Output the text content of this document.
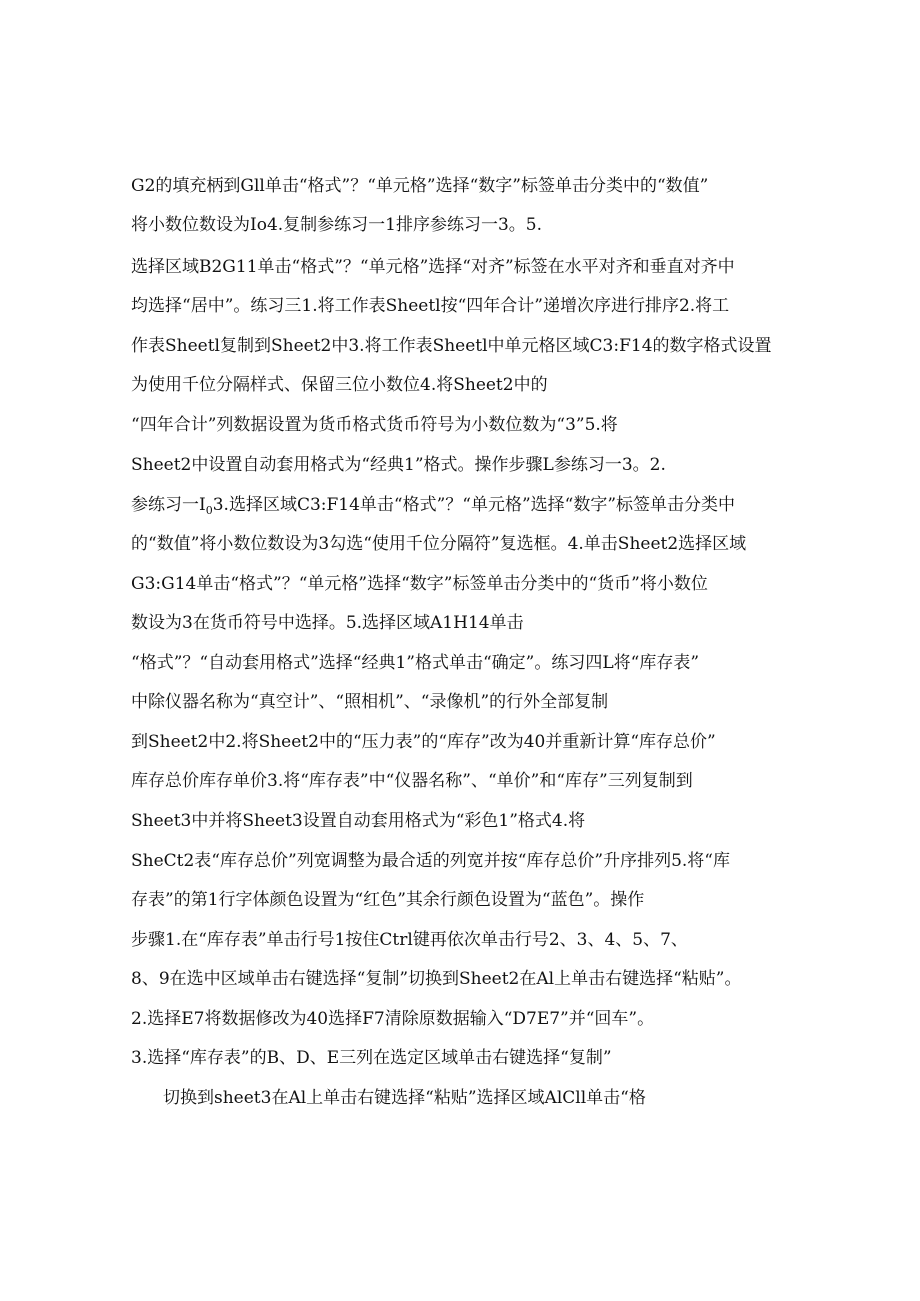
G2的填充柄到Gll单击“格式”？“单元格”选择“数字”标签单击分类中的“数值”
将小数位数设为Io4.复制参练习一1排序参练习一3。5.
选择区域B2G11单击“格式”？“单元格”选择“对齐”标签在水平对齐和垂直对齐中
均选择“居中”。练习三1.将工作表Sheetl按“四年合计”递增次序进行排序2.将工
作表Sheetl复制到Sheet2中3.将工作表Sheetl中单元格区域C3:F14的数字格式设置
为使用千位分隔样式、保留三位小数位4.将Sheet2中的
“四年合计”列数据设置为货币格式货币符号为小数位数为“3”5.将
Sheet2中设置自动套用格式为“经典1”格式。操作步骤L参练习一3。2.
参练习一$I_03$.选择区域C3:F14单击“格式”？“单元格”选择“数字”标签单击分类中
的“数值”将小数位数设为3勾选“使用千位分隔符”复选框。4.单击Sheet2选择区域
G3:G14单击“格式”？“单元格”选择“数字”标签单击分类中的“货币”将小数位
数设为3在货币符号中选择。5.选择区域A1H14单击
“格式”？“自动套用格式”选择“经典1”格式单击“确定”。练习四L将“库存表”
中除仪器名称为“真空计”、“照相机”、“录像机”的行外全部复制
到Sheet2中2.将Sheet2中的“压力表”的“库存”改为40并重新计算“库存总价”
库存总价库存单价3.将“库存表”中“仪器名称”、“单价”和“库存”三列复制到
Sheet3中并将Sheet3设置自动套用格式为“彩色1”格式4.将
SheCt2表“库存总价”列宽调整为最合适的列宽并按“库存总价”升序排列5.将“库
存表”的第1行字体颜色设置为“红色”其余行颜色设置为“蓝色”。操作
步骤1.在“库存表”单击行号1按住Ctrl键再依次单击行号2、3、4、5、7、
8、9在选中区域单击右键选择“复制”切换到Sheet2在Al上单击右键选择“粘贴”。
2.选择E7将数据修改为40选择F7清除原数据输入“D7E7”并“回车”。
3.选择“库存表”的B、D、E三列在选定区域单击右键选择“复制”
切换到sheet3在Al上单击右键选择“粘贴”选择区域AlCll单击“格
